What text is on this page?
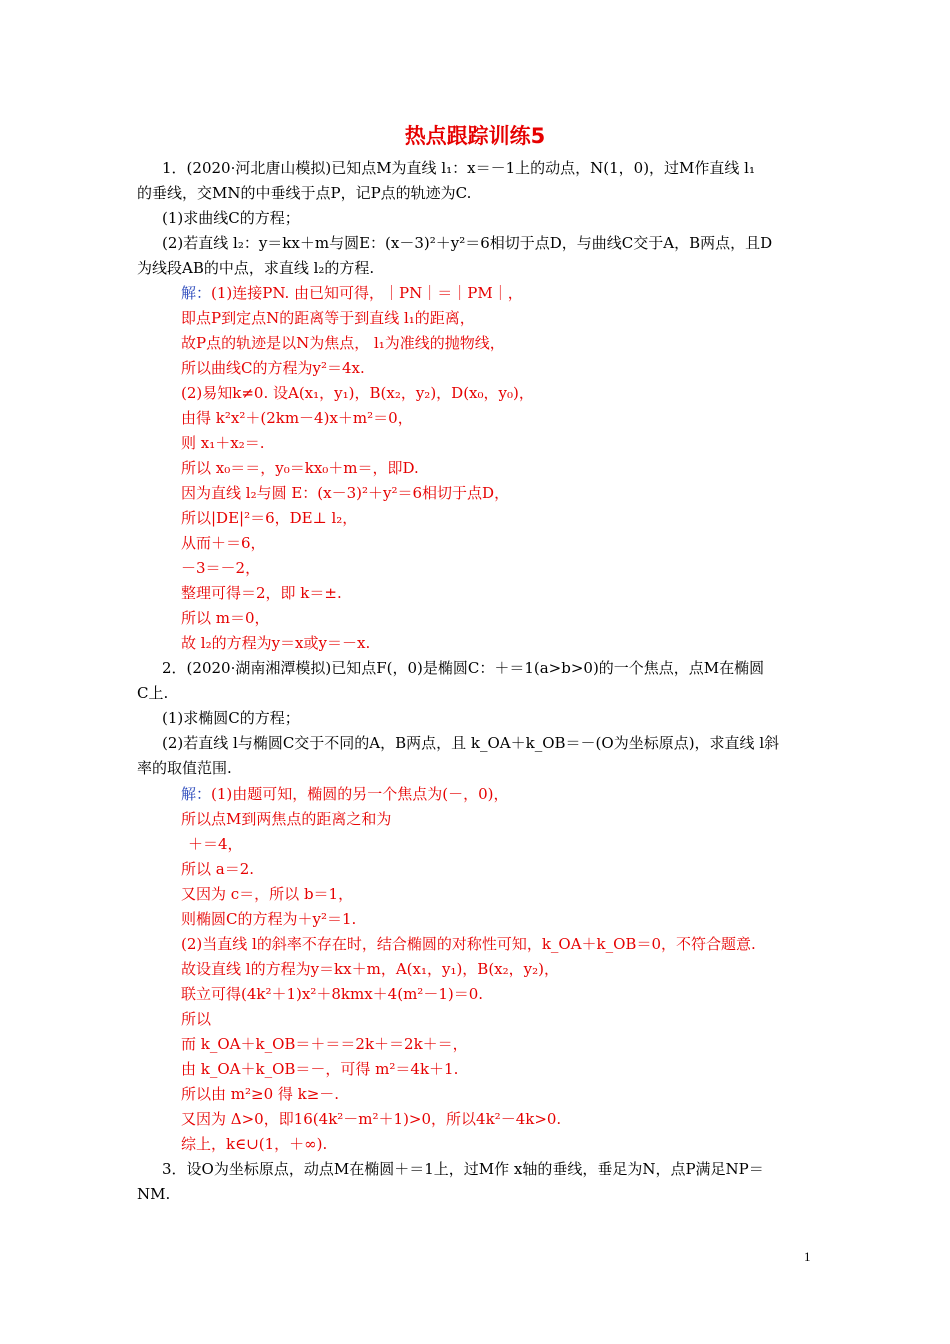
热点跟踪训练5
1．(2020·河北唐山模拟)已知点M为直线 l₁：x＝－1上的动点，N(1，0)，过M作直线 l₁
的垂线，交MN的中垂线于点P，记P点的轨迹为C.
(1)求曲线C的方程；
(2)若直线 l₂：y＝kx＋m与圆E：(x－3)²＋y²＝6相切于点D，与曲线C交于A，B两点，且D
为线段AB的中点，求直线 l₂的方程.
解：(1)连接PN. 由已知可得，｜PN｜＝｜PM｜，
即点P到定点N的距离等于到直线 l₁的距离，
故P点的轨迹是以N为焦点， l₁为准线的抛物线，
所以曲线C的方程为y²＝4x.
(2)易知k≠0. 设A(x₁，y₁)，B(x₂，y₂)，D(x₀，y₀)，
由得 k²x²＋(2km－4)x＋m²＝0，
则 x₁＋x₂＝.
所以 x₀＝＝，y₀＝kx₀＋m＝，即D.
因为直线 l₂与圆 E：(x－3)²＋y²＝6相切于点D，
所以|DE|²＝6，DE⊥ l₂，
从而＋＝6，
－3＝－2，
整理可得＝2，即 k＝±.
所以 m＝0，
故 l₂的方程为y＝x或y＝－x.
2．(2020·湖南湘潭模拟)已知点F(，0)是椭圆C：＋＝1(a>b>0)的一个焦点，点M在椭圆
C上.
(1)求椭圆C的方程；
(2)若直线 l与椭圆C交于不同的A，B两点，且 k_OA＋k_OB＝－(O为坐标原点)，求直线 l斜
率的取值范围.
解：(1)由题可知，椭圆的另一个焦点为(－，0)，
所以点M到两焦点的距离之和为
＋＝4，
所以 a＝2.
又因为 c＝，所以 b＝1，
则椭圆C的方程为＋y²＝1.
(2)当直线 l的斜率不存在时，结合椭圆的对称性可知，k_OA＋k_OB＝0，不符合题意.
故设直线 l的方程为y＝kx＋m，A(x₁，y₁)，B(x₂，y₂)，
联立可得(4k²＋1)x²＋8kmx＋4(m²－1)＝0.
所以
而 k_OA＋k_OB＝＋＝＝2k＋＝2k＋＝，
由 k_OA＋k_OB＝－，可得 m²＝4k＋1.
所以由 m²≥0 得 k≥－.
又因为 Δ>0，即16(4k²－m²＋1)>0，所以4k²－4k>0.
综上，k∈∪(1，＋∞).
3．设O为坐标原点，动点M在椭圆＋＝1上，过M作 x轴的垂线，垂足为N，点P满足NP＝
NM.
1
